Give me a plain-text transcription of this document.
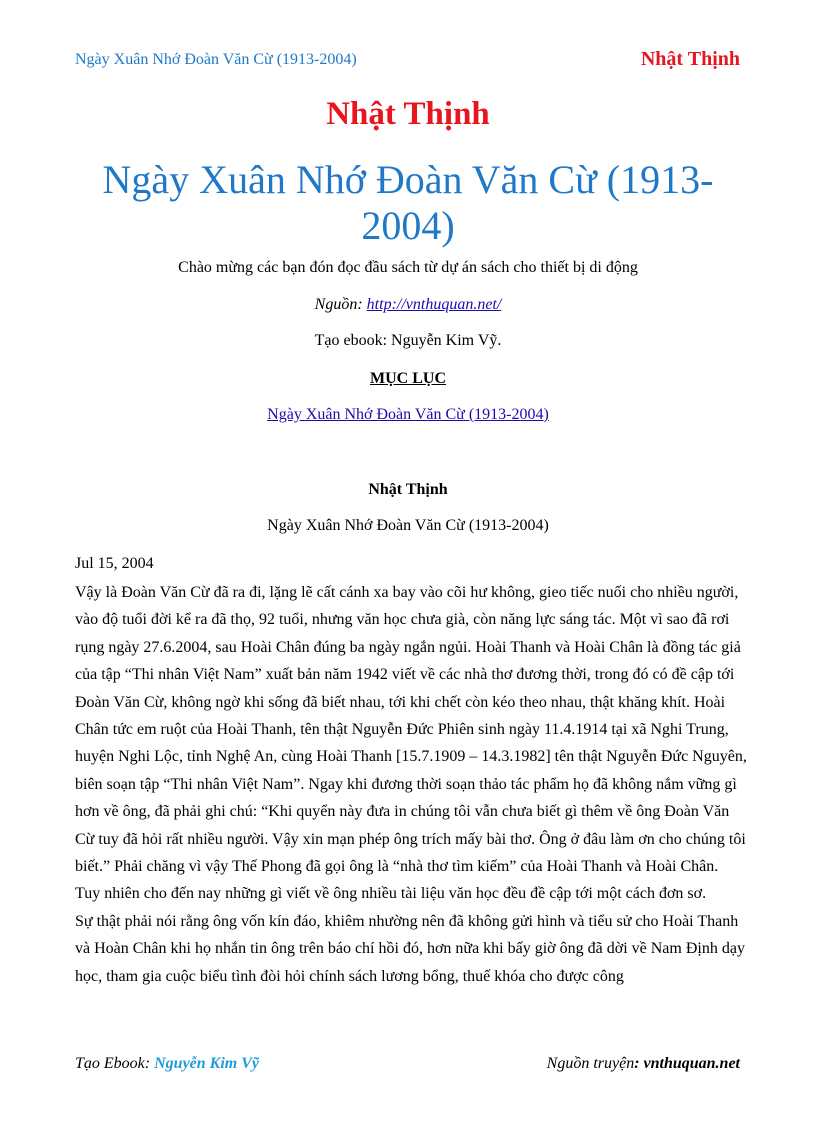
Ngày Xuân Nhớ Đoàn Văn Cừ (1913-2004)	Nhật Thịnh
Nhật Thịnh
Ngày Xuân Nhớ Đoàn Văn Cừ (1913-2004)
Chào mừng các bạn đón đọc đầu sách từ dự án sách cho thiết bị di động
Nguồn: http://vnthuquan.net/
Tạo ebook: Nguyễn Kim Vỹ.
MỤC LỤC
Ngày Xuân Nhớ Đoàn Văn Cừ (1913-2004)
Nhật Thịnh
Ngày Xuân Nhớ Đoàn Văn Cừ (1913-2004)
Jul 15, 2004

Vậy là Đoàn Văn Cừ đã ra đi, lặng lẽ cất cánh xa bay vào cõi hư không, gieo tiếc nuối cho nhiều người, vào độ tuổi đời kể ra đã thọ, 92 tuổi, nhưng văn học chưa già, còn năng lực sáng tác. Một vì sao đã rơi rụng ngày 27.6.2004, sau Hoài Chân đúng ba ngày ngắn ngủi. Hoài Thanh và Hoài Chân là đồng tác giả của tập “Thi nhân Việt Nam” xuất bản năm 1942 viết về các nhà thơ đương thời, trong đó có đề cập tới Đoàn Văn Cừ, không ngờ khi sống đã biết nhau, tới khi chết còn kéo theo nhau, thật khăng khít. Hoài Chân tức em ruột của Hoài Thanh, tên thật Nguyễn Đức Phiên sinh ngày 11.4.1914 tại xã Nghi Trung, huyện Nghi Lộc, tỉnh Nghệ An, cùng Hoài Thanh [15.7.1909 – 14.3.1982] tên thật Nguyễn Đức Nguyên, biên soạn tập “Thi nhân Việt Nam”. Ngay khi đương thời soạn thảo tác phẩm họ đã không nắm vững gì hơn về ông, đã phải ghi chú: “Khi quyển này đưa in chúng tôi vẫn chưa biết gì thêm về ông Đoàn Văn Cừ tuy đã hỏi rất nhiều người. Vậy xin mạn phép ông trích mấy bài thơ. Ông ở đâu làm ơn cho chúng tôi biết.” Phải chăng vì vậy Thế Phong đã gọi ông là “nhà thơ tìm kiếm” của Hoài Thanh và Hoài Chân. Tuy nhiên cho đến nay những gì viết về ông nhiều tài liệu văn học đều đề cập tới một cách đơn sơ.

Sự thật phải nói rằng ông vốn kín đáo, khiêm nhường nên đã không gửi hình và tiểu sử cho Hoài Thanh và Hoàn Chân khi họ nhắn tin ông trên báo chí hồi đó, hơn nữa khi bấy giờ ông đã dời về Nam Định dạy học, tham gia cuộc biểu tình đòi hỏi chính sách lương bổng, thuế khóa cho được công

Tạo Ebook: Nguyễn Kim Vỹ	Nguồn truyện: vnthuquan.net
